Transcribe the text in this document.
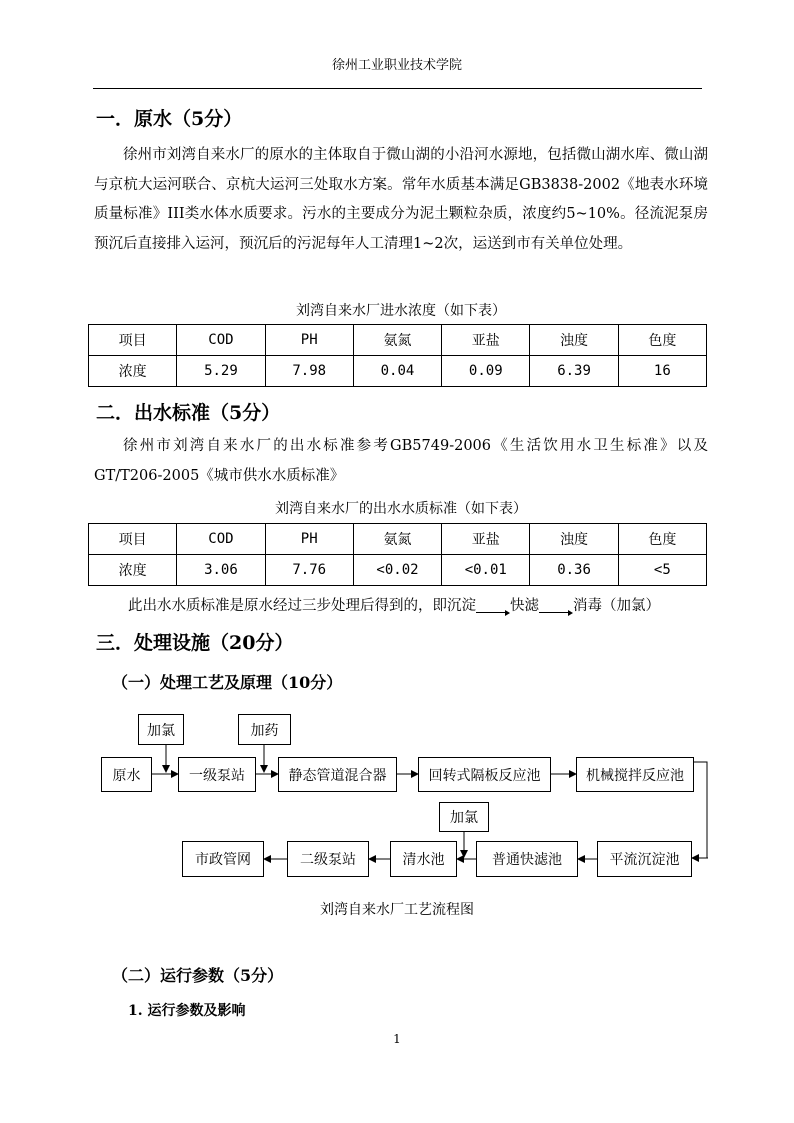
徐州工业职业技术学院
一．原水（5分）

徐州市刘湾自来水厂的原水的主体取自于微山湖的小沿河水源地，包括微山湖水库、微山湖与京杭大运河联合、京杭大运河三处取水方案。常年水质基本满足GB3838-2002《地表水环境质量标准》III类水体水质要求。污水的主要成分为泥土颗粒杂质，浓度约5~10%。径流泥泵房预沉后直接排入运河，预沉后的污泥每年人工清理1~2次，运送到市有关单位处理。

刘湾自来水厂进水浓度（如下表）
项目	COD	PH	氨氮	亚盐	浊度	色度
浓度	5.29	7.98	0.04	0.09	6.39	16
二．出水标准（5分）

徐州市刘湾自来水厂的出水标准参考GB5749-2006《生活饮用水卫生标准》以及GT/T206-2005《城市供水水质标准》

刘湾自来水厂的出水水质标准（如下表）
项目	COD	PH	氨氮	亚盐	浊度	色度
浓度	3.06	7.76	<0.02	<0.01	0.36	<5
此出水水质标准是原水经过三步处理后得到的，即沉淀 快滤 消毒（加氯）
三．处理设施（20分）
（一）处理工艺及原理（10分）
加氯	加药
原水	一级泵站	静态管道混合器	回转式隔板反应池	机械搅拌反应池
加氯
市政管网	二级泵站	清水池	普通快滤池	平流沉淀池
刘湾自来水厂工艺流程图
（二）运行参数（5分）
1. 运行参数及影响
1
